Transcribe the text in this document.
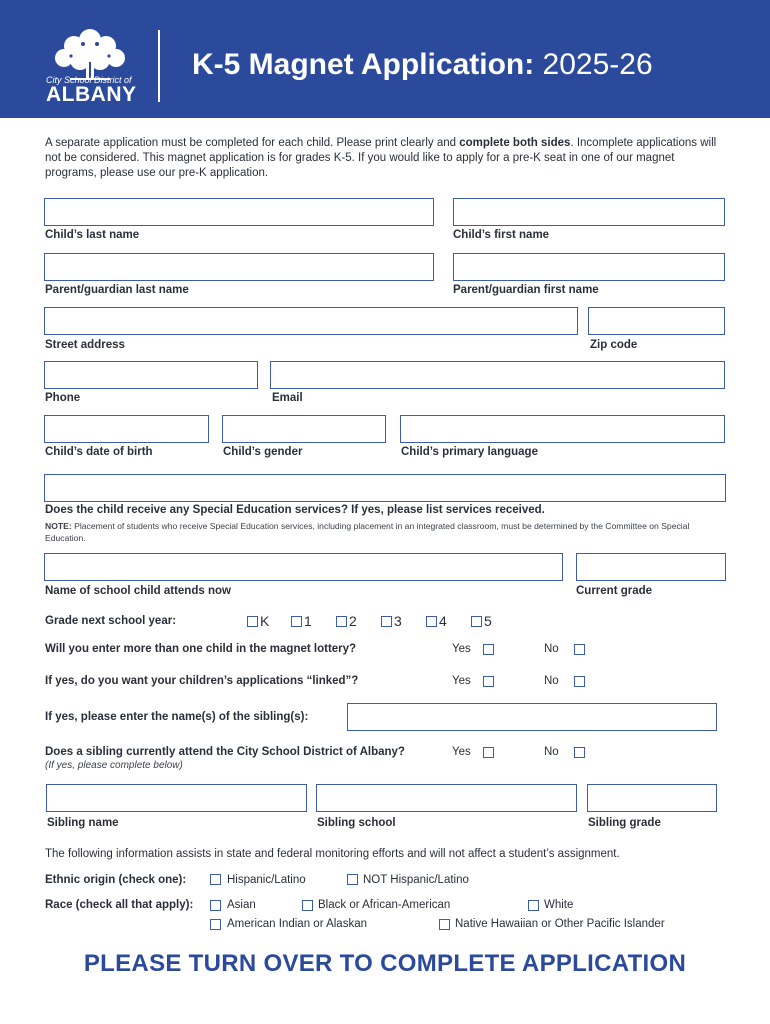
City School District of
ALBANY
K-5 Magnet Application: 2025-26
A separate application must be completed for each child. Please print clearly and complete both sides. Incomplete applications will not be considered. This magnet application is for grades K-5. If you would like to apply for a pre-K seat in one of our magnet programs, please use our pre-K application.
Child’s last name	Child’s first name
Parent/guardian last name	Parent/guardian first name
Street address	Zip code
Phone	Email
Child’s date of birth	Child’s gender	Child’s primary language
Does the child receive any Special Education services? If yes, please list services received.
NOTE: Placement of students who receive Special Education services, including placement in an integrated classroom, must be determined by the Committee on Special Education.
Name of school child attends now	Current grade
Grade next school year:	K 1	2	3	4	5
Will you enter more than one child in the magnet lottery?	Yes	No
If yes, do you want your children’s applications “linked”?	Yes	No
If yes, please enter the name(s) of the sibling(s):
Does a sibling currently attend the City School District of Albany?
(If yes, please complete below)
Yes	No
Sibling name	Sibling school	Sibling grade
The following information assists in state and federal monitoring efforts and will not affect a student’s assignment.
Ethnic origin (check one):	Hispanic/Latino	NOT Hispanic/Latino
Race (check all that apply):	Asian	Black or African-American	White
American Indian or Alaskan	Native Hawaiian or Other Pacific Islander
PLEASE TURN OVER TO COMPLETE APPLICATION
